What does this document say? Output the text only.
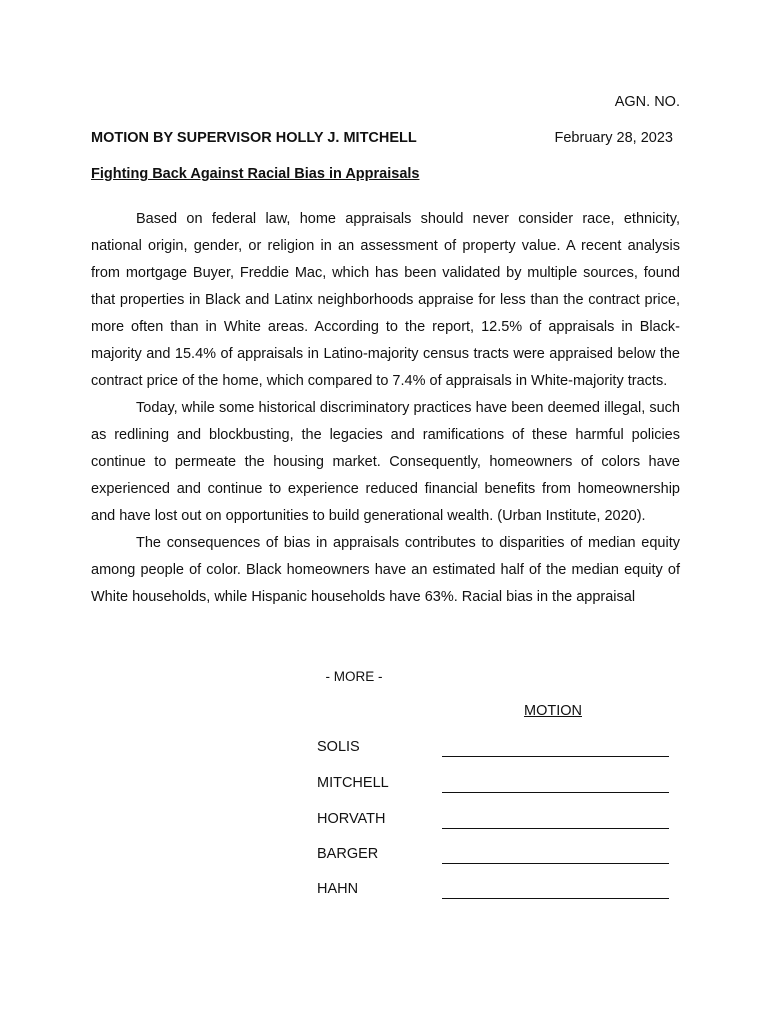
AGN. NO.
MOTION BY SUPERVISOR HOLLY J. MITCHELL	February 28, 2023
Fighting Back Against Racial Bias in Appraisals

Based on federal law, home appraisals should never consider race, ethnicity, national origin, gender, or religion in an assessment of property value. A recent analysis from mortgage Buyer, Freddie Mac, which has been validated by multiple sources, found that properties in Black and Latinx neighborhoods appraise for less than the contract price, more often than in White areas. According to the report, 12.5% of appraisals in Black-majority and 15.4% of appraisals in Latino-majority census tracts were appraised below the contract price of the home, which compared to 7.4% of appraisals in White-majority tracts.

Today, while some historical discriminatory practices have been deemed illegal, such as redlining and blockbusting, the legacies and ramifications of these harmful policies continue to permeate the housing market. Consequently, homeowners of colors have experienced and continue to experience reduced financial benefits from homeownership and have lost out on opportunities to build generational wealth. (Urban Institute, 2020).

The consequences of bias in appraisals contributes to disparities of median equity among people of color. Black homeowners have an estimated half of the median equity of White households, while Hispanic households have 63%. Racial bias in the appraisal

- MORE -
MOTION
SOLIS
MITCHELL
HORVATH
BARGER
HAHN
